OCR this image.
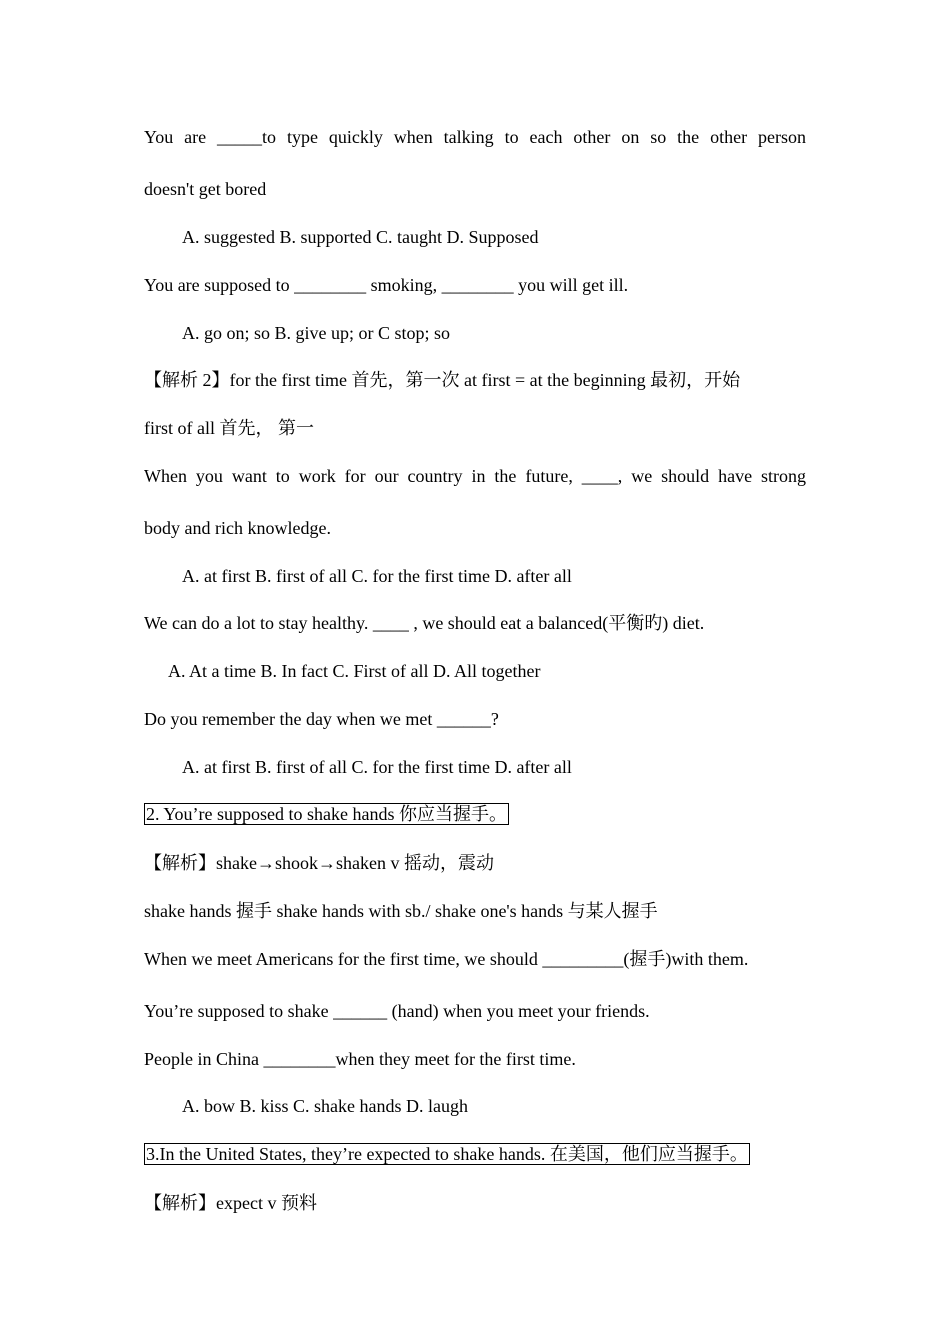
You are _____to type quickly when talking to each other on so the other person
doesn't get bored
A. suggested B. supported C. taught D. Supposed
You are supposed to ________ smoking, ________ you will get ill.
A. go on; so B. give up; or C stop; so
【解析 2】for the first time 首先，第一次 at first = at the beginning 最初，开始
first of all 首先， 第一
When you want to work for our country in the future, ____, we should have strong
body and rich knowledge.
A. at first B. first of all C. for the first time D. after all
We can do a lot to stay healthy. ____ , we should eat a balanced(平衡旳) diet.
A. At a time B. In fact C. First of all D. All together
Do you remember the day when we met ______?
A. at first B. first of all C. for the first time D. after all
2. You’re supposed to shake hands 你应当握手。
【解析】shake→shook→shaken v 摇动，震动
shake hands 握手 shake hands with sb./ shake one's hands 与某人握手
When we meet Americans for the first time, we should _________(握手)with them.
You’re supposed to shake ______ (hand) when you meet your friends.
People in China ________when they meet for the first time.
A. bow B. kiss C. shake hands D. laugh
3.In the United States, they’re expected to shake hands. 在美国，他们应当握手。
【解析】expect v 预料
